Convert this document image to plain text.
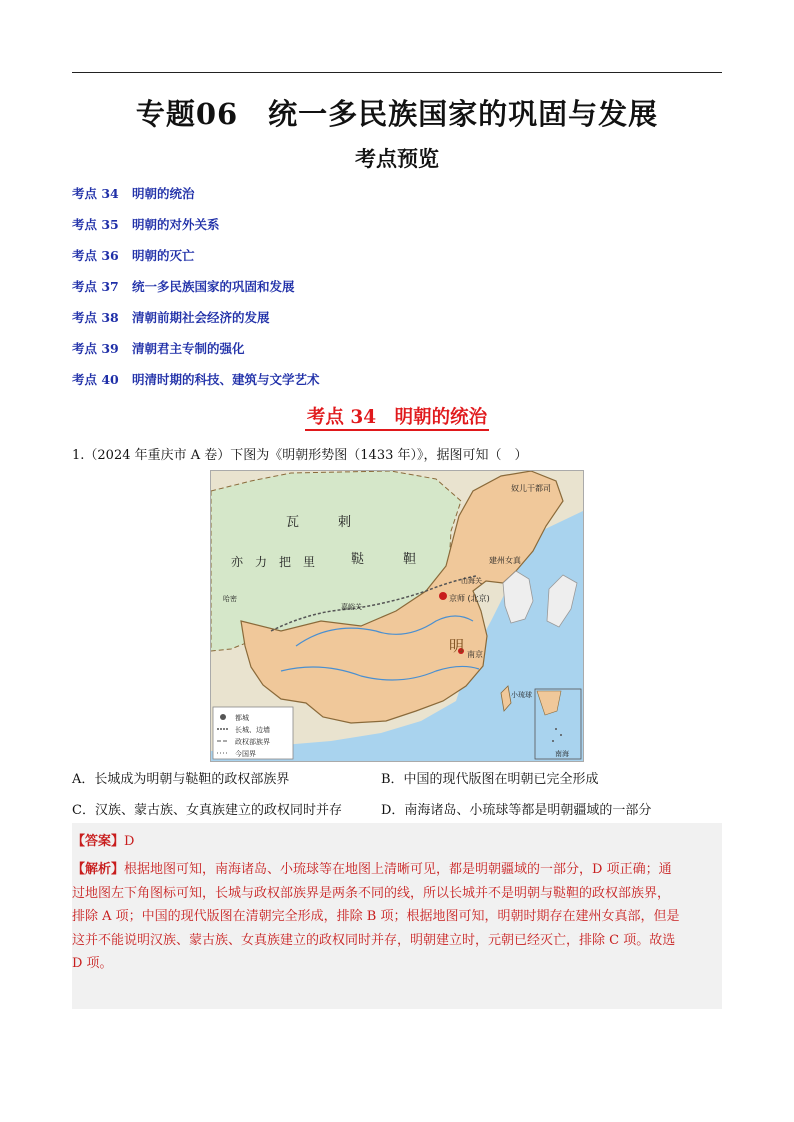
专题06　统一多民族国家的巩固与发展
考点预览
考点 34 明朝的统治
考点 35 明朝的对外关系
考点 36 明朝的灭亡
考点 37 统一多民族国家的巩固和发展
考点 38 清朝前期社会经济的发展
考点 39 清朝君主专制的强化
考点 40 明清时期的科技、建筑与文学艺术
考点 34　明朝的统治
1.（2024 年重庆市 A 卷）下图为《明朝形势图（1433 年）》，据图可知（　）
瓦　　　剌
鞑　　　靼
亦　力　把　里
明
奴儿干都司
建州女真
京师 (北京)
南京
山海关
嘉峪关
哈密
小琉球
都城
长城、边墙
政权部族界
今国界	南海
A．长城成为明朝与鞑靼的政权部族界	B．中国的现代版图在明朝已完全形成
C．汉族、蒙古族、女真族建立的政权同时并存	D．南海诸岛、小琉球等都是明朝疆域的一部分
【答案】D
【解析】根据地图可知，南海诸岛、小琉球等在地图上清晰可见，都是明朝疆域的一部分，D 项正确；通
过地图左下角图标可知，长城与政权部族界是两条不同的线，所以长城并不是明朝与鞑靼的政权部族界，
排除 A 项；中国的现代版图在清朝完全形成，排除 B 项；根据地图可知，明朝时期存在建州女真部，但是
这并不能说明汉族、蒙古族、女真族建立的政权同时并存，明朝建立时，元朝已经灭亡，排除 C 项。故选
D 项。
